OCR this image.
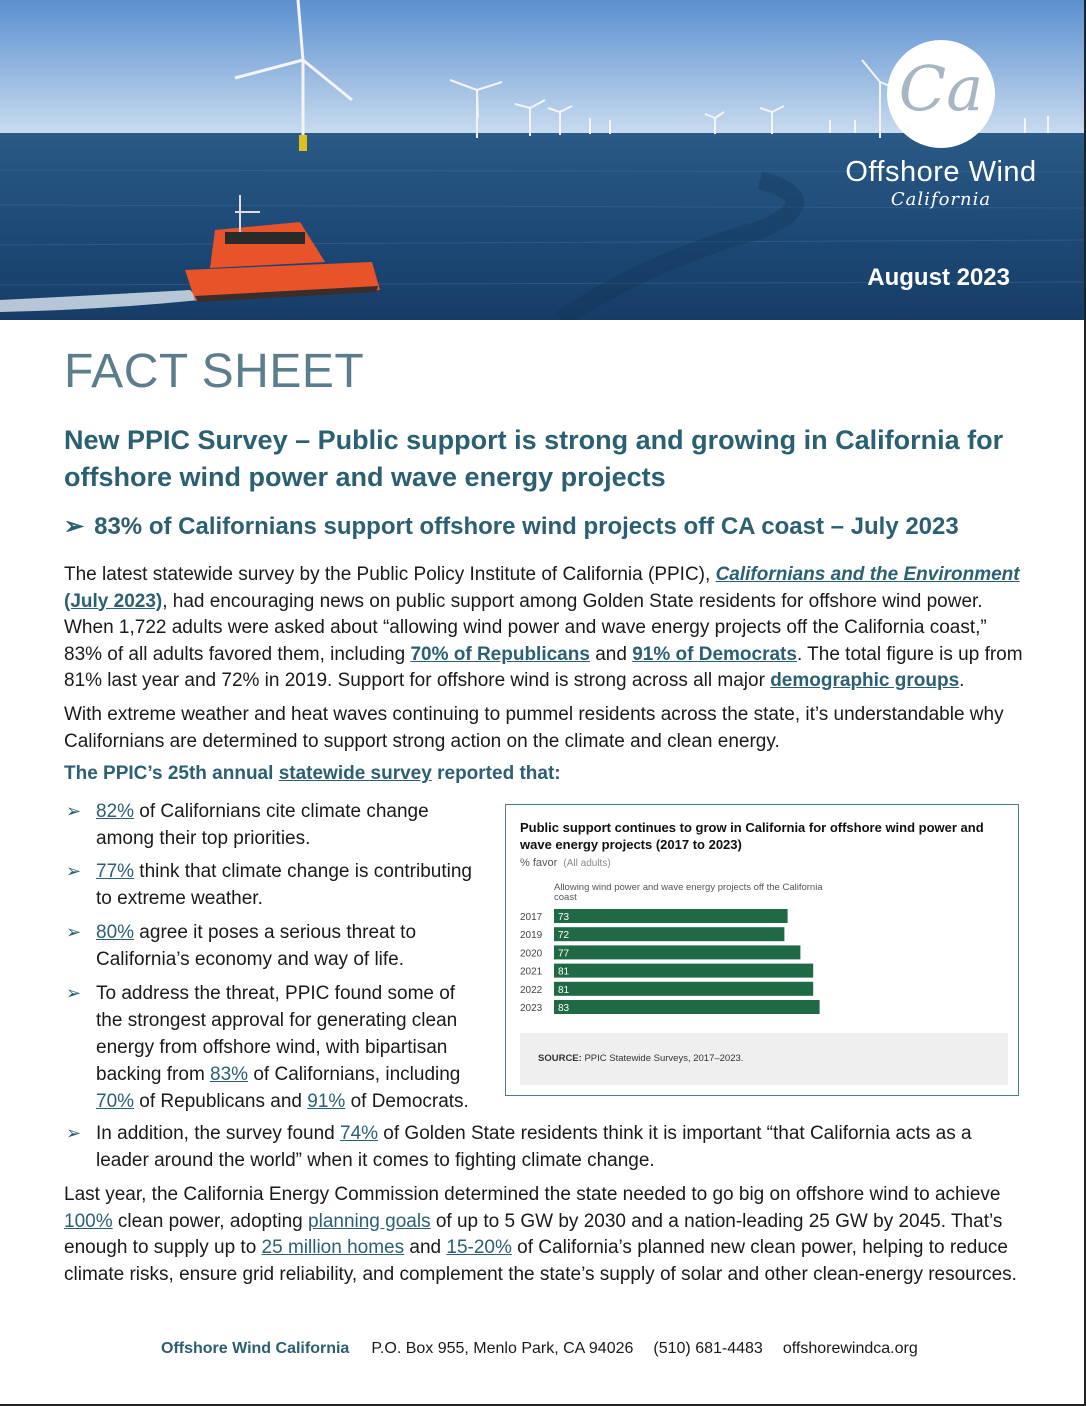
Ca
Offshore Wind
California
August 2023
FACT SHEET
New PPIC Survey – Public support is strong and growing in California for offshore wind power and wave energy projects
➢ 83% of Californians support offshore wind projects off CA coast – July 2023
The latest statewide survey by the Public Policy Institute of California (PPIC), Californians and the Environment
(July 2023), had encouraging news on public support among Golden State residents for offshore wind power. When 1,722 adults were asked about “allowing wind power and wave energy projects off the California coast,” 83% of all adults favored them, including 70% of Republicans and 91% of Democrats. The total figure is up from 81% last year and 72% in 2019. Support for offshore wind is strong across all major demographic groups.
With extreme weather and heat waves continuing to pummel residents across the state, it’s understandable why Californians are determined to support strong action on the climate and clean energy.
The PPIC’s 25th annual statewide survey reported that:
➢ 82% of Californians cite climate change
among their top priorities.
➢ 77% think that climate change is contributing
to extreme weather.
➢ 80% agree it poses a serious threat to
California’s economy and way of life.
➢ To address the threat, PPIC found some of
the strongest approval for generating clean
energy from offshore wind, with bipartisan
backing from 83% of Californians, including
70% of Republicans and 91% of Democrats.
➢ In addition, the survey found 74% of Golden State residents think it is important “that California acts as a
leader around the world” when it comes to fighting climate change.
Public support continues to grow in California for offshore wind power and wave energy projects (2017 to 2023)
% favor (All adults)
Allowing wind power and wave energy projects off the California coast
2017 73
2019 72
2020 77
2021 81
2022 81
2023 83
SOURCE: PPIC Statewide Surveys, 2017–2023.
Last year, the California Energy Commission determined the state needed to go big on offshore wind to achieve 100% clean power, adopting planning goals of up to 5 GW by 2030 and a nation-leading 25 GW by 2045. That’s enough to supply up to 25 million homes and 15-20% of California’s planned new clean power, helping to reduce climate risks, ensure grid reliability, and complement the state’s supply of solar and other clean-energy resources.
Offshore Wind California P.O. Box 955, Menlo Park, CA 94026 (510) 681-4483 offshorewindca.org
